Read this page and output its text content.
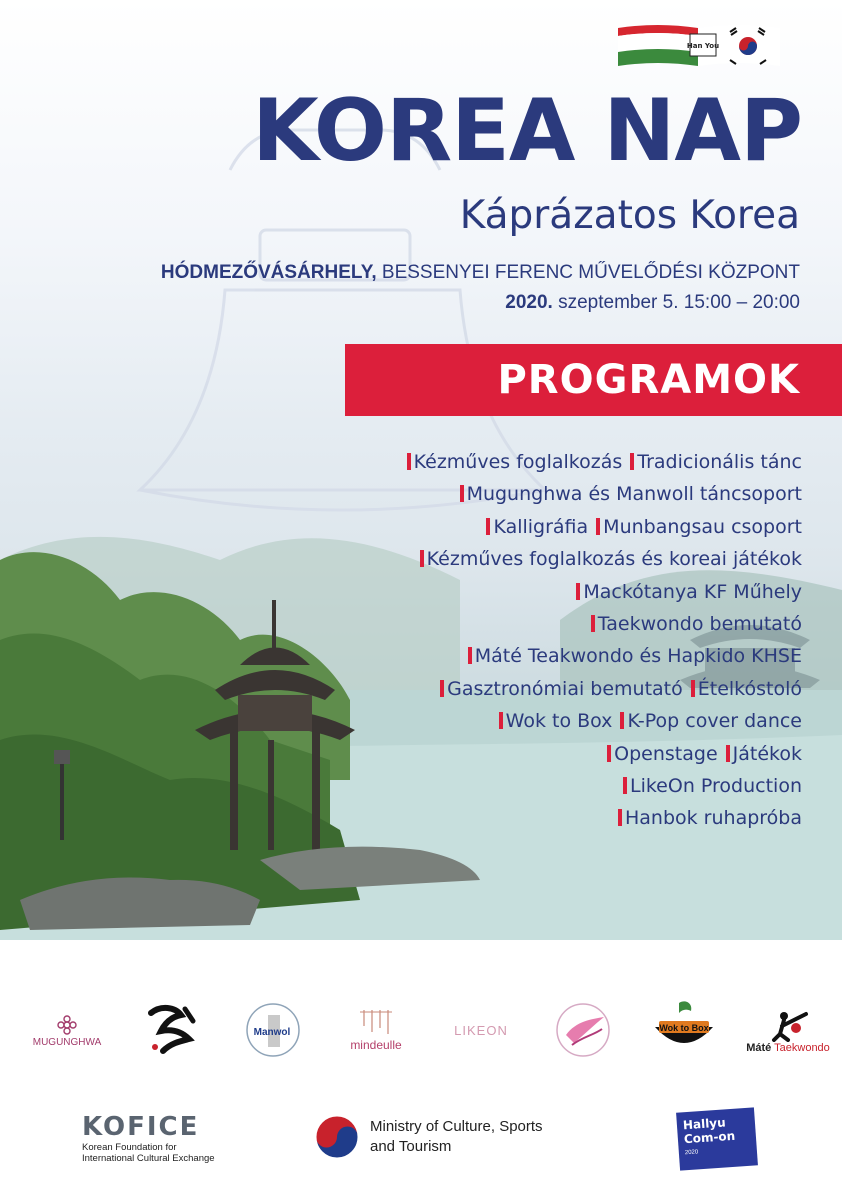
Han You
KOREA NAP
Káprázatos Korea
HÓDMEZŐVÁSÁRHELY, BESSENYEI FERENC MŰVELŐDÉSI KÖZPONT
2020. szeptember 5. 15:00 – 20:00
PROGRAMOK
Kézműves foglalkozás Tradicionális tánc
Mugunghwa és Manwoll táncsoport
Kalligráfia Munbangsau csoport
Kézműves foglalkozás és koreai játékok
Mackótanya KF Műhely
Taekwondo bemutató
Máté Teakwondo és Hapkido KHSE
Gasztronómiai bemutató Ételkóstoló
Wok to Box K-Pop cover dance
Openstage Játékok
LikeOn Production
Hanbok ruhapróba
MUGUNGHWA
Manwol
mindeulle
LIKEON	Wok to Box
Máté Taekwondo
KOFICE
Korean Foundation for
International Cultural Exchange
Ministry of Culture, Sports
and Tourism
Hallyu
Com-on
2020
